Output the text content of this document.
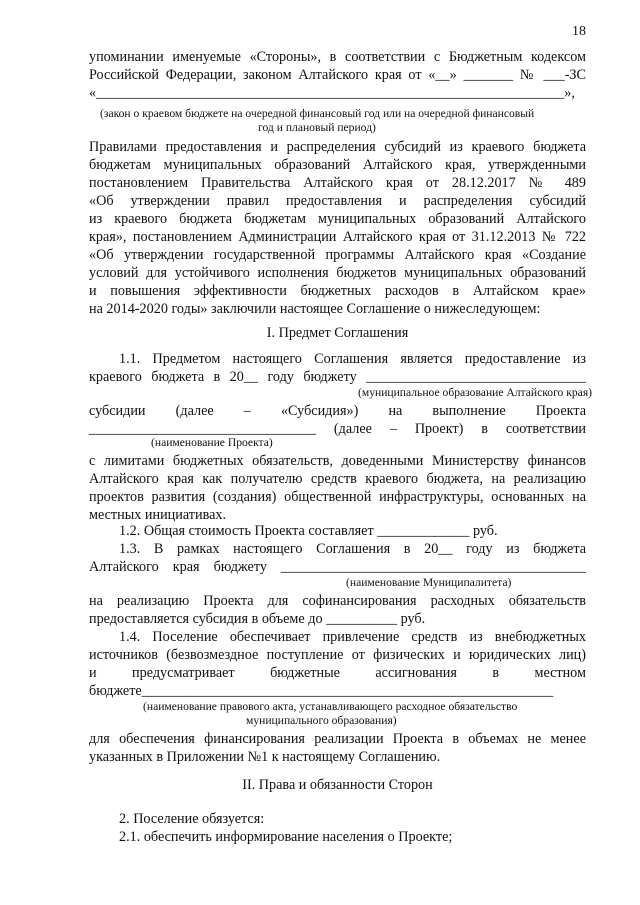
18
упоминании именуемые «Стороны», в соответствии с Бюджетным кодексом
Российской Федерации, законом Алтайского края от «__» _______ № ___-ЗС
«__________________________________________________________________»,
(закон о краевом бюджете на очередной финансовый год или на очередной финансовый
год и плановый период)
Правилами предоставления и распределения субсидий из краевого бюджета
бюджетам муниципальных образований Алтайского края, утвержденными
постановлением Правительства Алтайского края от 28.12.2017 № 489
«Об утверждении правил предоставления и распределения субсидий
из краевого бюджета бюджетам муниципальных образований Алтайского
края», постановлением Администрации Алтайского края от 31.12.2013 № 722
«Об утверждении государственной программы Алтайского края «Создание
условий для устойчивого исполнения бюджетов муниципальных образований
и повышения эффективности бюджетных расходов в Алтайском крае»
на 2014-2020 годы» заключили настоящее Соглашение о нижеследующем:
I. Предмет Соглашения
1.1. Предметом настоящего Соглашения является предоставление из
краевого бюджета в 20__ году бюджету _______________________________
(муниципальное образование Алтайского края)
субсидии (далее – «Субсидия») на выполнение Проекта
________________________________ (далее – Проект) в соответствии
(наименование Проекта)
с лимитами бюджетных обязательств, доведенными Министерству финансов
Алтайского края как получателю средств краевого бюджета, на реализацию
проектов развития (создания) общественной инфраструктуры, основанных на
местных инициативах.
1.2. Общая стоимость Проекта составляет _____________ руб.
1.3. В рамках настоящего Соглашения в 20__ году из бюджета
Алтайского края бюджету ___________________________________________
(наименование Муниципалитета)
на реализацию Проекта для софинансирования расходных обязательств
предоставляется субсидия в объеме до __________ руб.
1.4. Поселение обеспечивает привлечение средств из внебюджетных
источников (безвозмездное поступление от физических и юридических лиц)
и предусматривает бюджетные ассигнования в местном
бюджете__________________________________________________________
(наименование правового акта, устанавливающего расходное обязательство
муниципального образования)
для обеспечения финансирования реализации Проекта в объемах не менее
указанных в Приложении №1 к настоящему Соглашению.
II. Права и обязанности Сторон
2. Поселение обязуется:
2.1. обеспечить информирование населения о Проекте;
